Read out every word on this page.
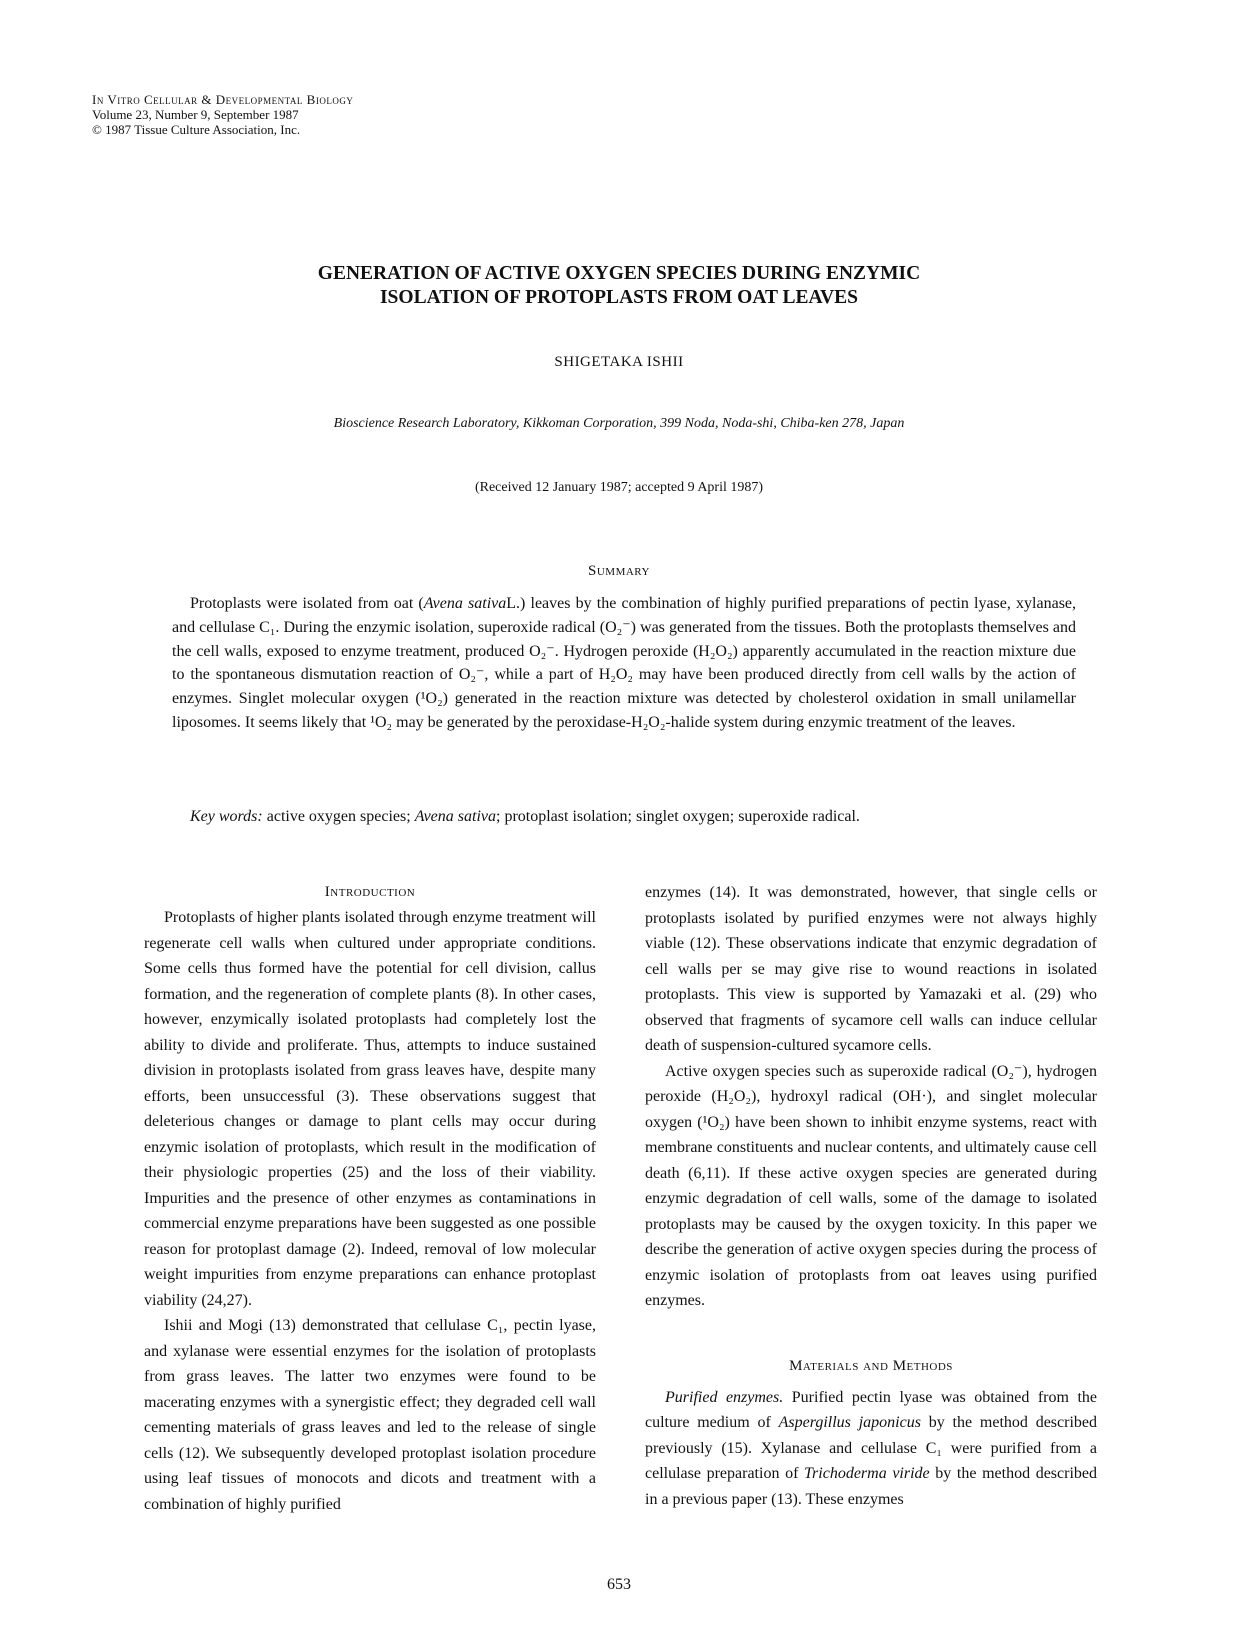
In Vitro Cellular & Developmental Biology
Volume 23, Number 9, September 1987
© 1987 Tissue Culture Association, Inc.
GENERATION OF ACTIVE OXYGEN SPECIES DURING ENZYMIC
ISOLATION OF PROTOPLASTS FROM OAT LEAVES
SHIGETAKA ISHII
Bioscience Research Laboratory, Kikkoman Corporation, 399 Noda, Noda-shi, Chiba-ken 278, Japan
(Received 12 January 1987; accepted 9 April 1987)
Summary

Protoplasts were isolated from oat (Avena sativaL.) leaves by the combination of highly purified preparations of pectin lyase, xylanase, and cellulase C₁. During the enzymic isolation, superoxide radical (O₂⁻) was generated from the tissues. Both the protoplasts themselves and the cell walls, exposed to enzyme treatment, produced O₂⁻. Hydrogen peroxide (H₂O₂) apparently accumulated in the reaction mixture due to the spontaneous dismutation reaction of O₂⁻, while a part of H₂O₂ may have been produced directly from cell walls by the action of enzymes. Singlet molecular oxygen (¹O₂) generated in the reaction mixture was detected by cholesterol oxidation in small unilamellar liposomes. It seems likely that ¹O₂ may be generated by the peroxidase-H₂O₂-halide system during enzymic treatment of the leaves.

Key words: active oxygen species; Avena sativa; protoplast isolation; singlet oxygen; superoxide radical.

Introduction

Protoplasts of higher plants isolated through enzyme treatment will regenerate cell walls when cultured under appropriate conditions. Some cells thus formed have the potential for cell division, callus formation, and the regeneration of complete plants (8). In other cases, however, enzymically isolated protoplasts had completely lost the ability to divide and proliferate. Thus, attempts to induce sustained division in protoplasts isolated from grass leaves have, despite many efforts, been unsuccessful (3). These observations suggest that deleterious changes or damage to plant cells may occur during enzymic isolation of protoplasts, which result in the modification of their physiologic properties (25) and the loss of their viability. Impurities and the presence of other enzymes as contaminations in commercial enzyme preparations have been suggested as one possible reason for protoplast damage (2). Indeed, removal of low molecular weight impurities from enzyme preparations can enhance protoplast viability (24,27).

Ishii and Mogi (13) demonstrated that cellulase C₁, pectin lyase, and xylanase were essential enzymes for the isolation of protoplasts from grass leaves. The latter two enzymes were found to be macerating enzymes with a synergistic effect; they degraded cell wall cementing materials of grass leaves and led to the release of single cells (12). We subsequently developed protoplast isolation procedure using leaf tissues of monocots and dicots and treatment with a combination of highly purified

enzymes (14). It was demonstrated, however, that single cells or protoplasts isolated by purified enzymes were not always highly viable (12). These observations indicate that enzymic degradation of cell walls per se may give rise to wound reactions in isolated protoplasts. This view is supported by Yamazaki et al. (29) who observed that fragments of sycamore cell walls can induce cellular death of suspension-cultured sycamore cells.

Active oxygen species such as superoxide radical (O₂⁻), hydrogen peroxide (H₂O₂), hydroxyl radical (OH·), and singlet molecular oxygen (¹O₂) have been shown to inhibit enzyme systems, react with membrane constituents and nuclear contents, and ultimately cause cell death (6,11). If these active oxygen species are generated during enzymic degradation of cell walls, some of the damage to isolated protoplasts may be caused by the oxygen toxicity. In this paper we describe the generation of active oxygen species during the process of enzymic isolation of protoplasts from oat leaves using purified enzymes.

Materials and Methods

Purified enzymes. Purified pectin lyase was obtained from the culture medium of Aspergillus japonicus by the method described previously (15). Xylanase and cellulase C₁ were purified from a cellulase preparation of Trichoderma viride by the method described in a previous paper (13). These enzymes

653
